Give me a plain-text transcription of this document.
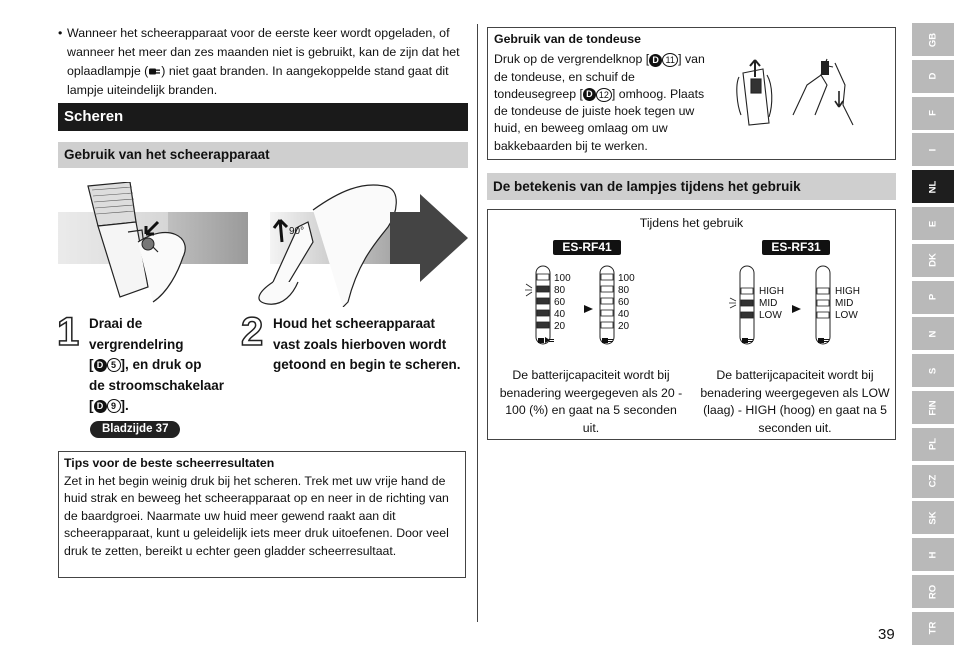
• Wanneer het scheerapparaat voor de eerste keer wordt opgeladen, of wanneer het meer dan zes maanden niet is gebruikt, kan de zijn dat het oplaadlampje ( ) niet gaat branden. In aangekoppelde stand gaat dit lampje uiteindelijk branden.

Scheren
Gebruik van het scheerapparaat
90°
1 Draai de
vergrendelring
[ D 5 ], en druk op
de stroomschakelaar
[ D 9 ].
Bladzijde 37
2 Houd het scheerapparaat vast zoals hierboven wordt getoond en begin te scheren.
Tips voor de beste scheerresultaten
Zet in het begin weinig druk bij het scheren. Trek met uw vrije hand de huid strak en beweeg het scheerapparaat op en neer in de richting van de baardgroei. Naarmate uw huid meer gewend raakt aan dit scheerapparaat, kunt u geleidelijk iets meer druk uitoefenen. Door veel druk te zetten, bereikt u echter geen gladder scheerresultaat.
Gebruik van de tondeuse
Druk op de vergrendelknop [ D 11 ] van de tondeuse, en schuif de tondeusegreep [ D 12 ] omhoog. Plaats de tondeuse de juiste hoek tegen uw huid, en beweeg omlaag om uw bakkebaarden bij te werken.
De betekenis van de lampjes tijdens het gebruik
Tijdens het gebruik
ES-RF41
100
80
60
40
20
100
80
60
40
20
De batterijcapaciteit wordt bij benadering weergegeven als 20 - 100 (%) en gaat na 5 seconden uit.
ES-RF31
HIGH
MID
LOW
HIGH
MID
LOW
De batterijcapaciteit wordt bij benadering weergegeven als LOW (laag) - HIGH (hoog) en gaat na 5 seconden uit.
GB
D
F
I
NL
E
DK
P
N
S
FIN
PL
CZ
SK
H
RO
TR
39
